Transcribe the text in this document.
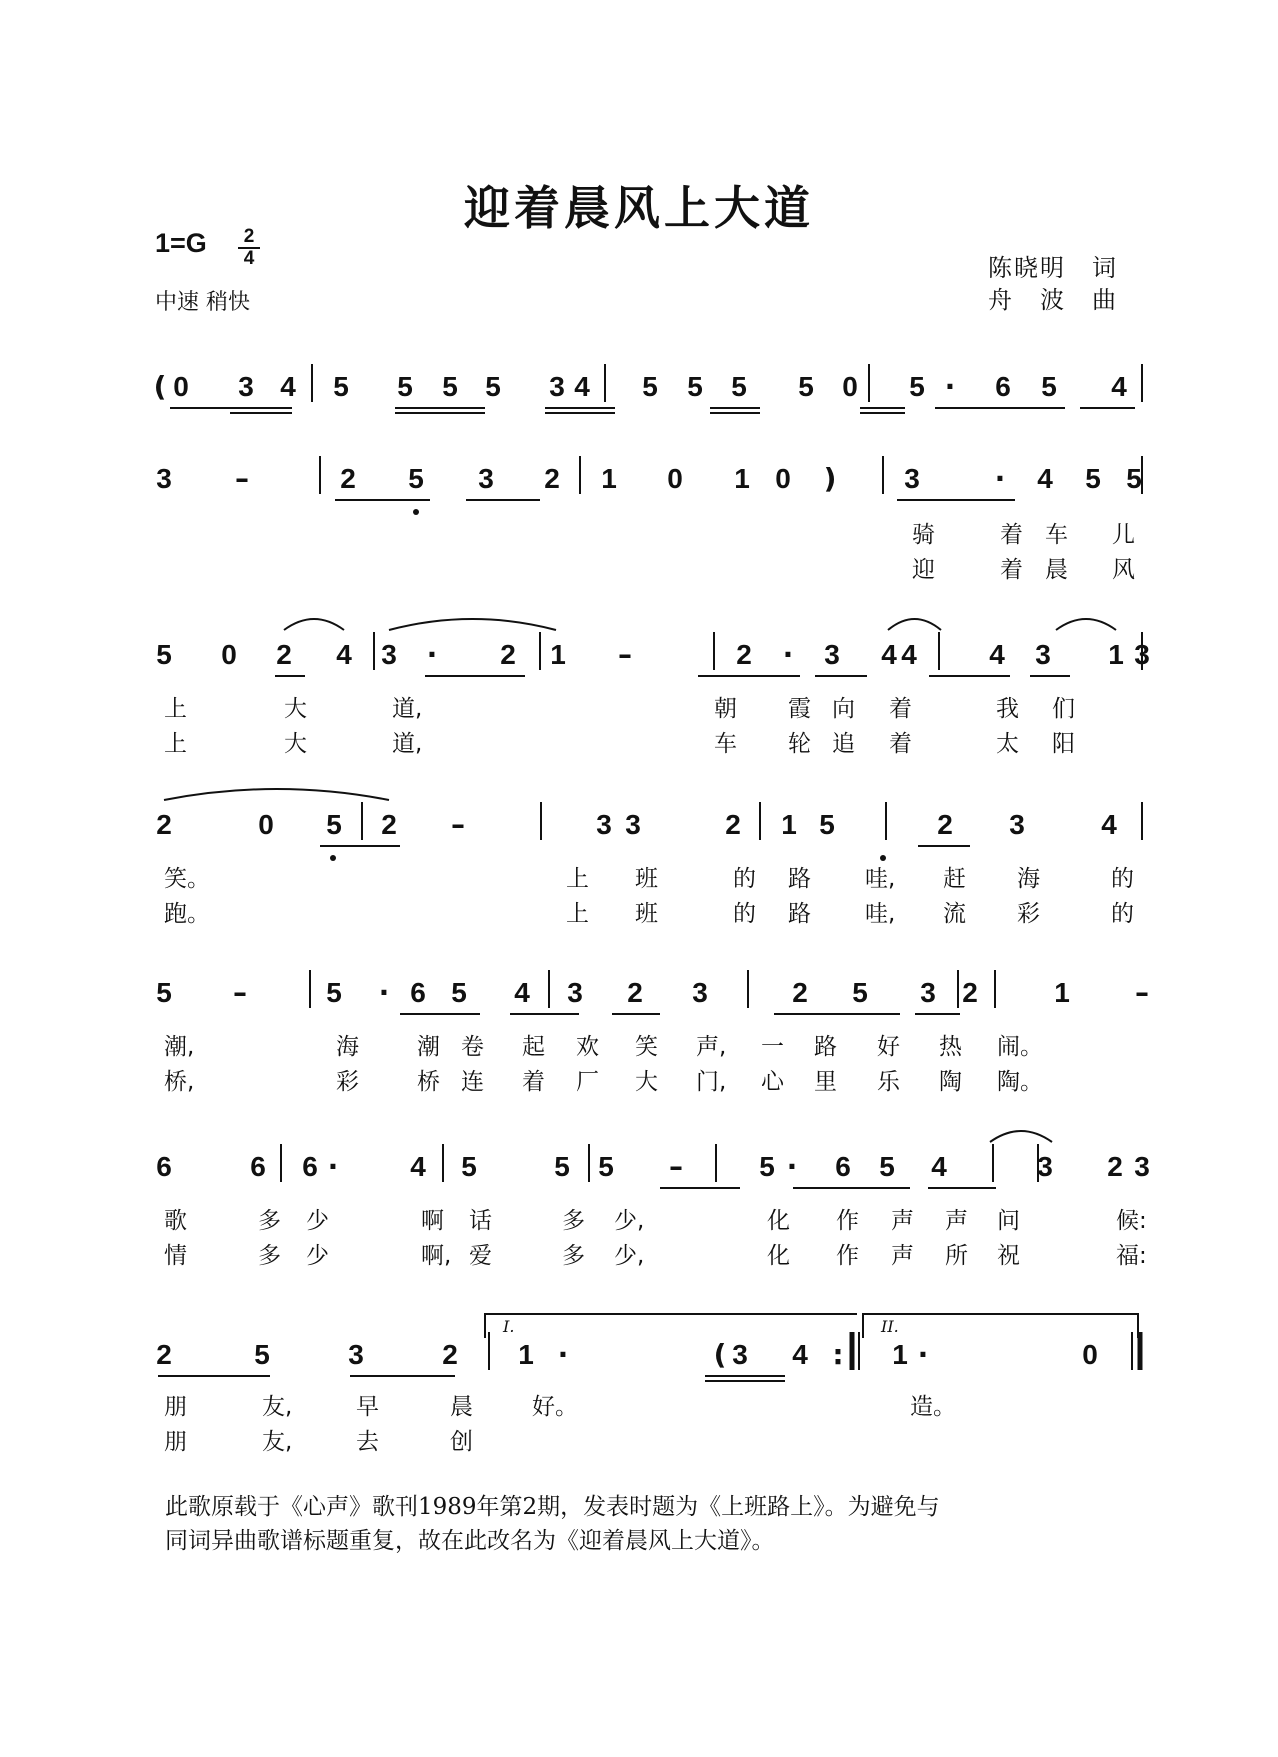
迎着晨风上大道
1=G	2
4
中速 稍快
陈晓明　词
舟　波　曲
( 0 3 4 5 5 5 5 3 4 5 5 5 5 0 5 · 6 5 4
3 –	2 5 3 2 1 0 1 0 ) 3	· 4 5 5
骑	着 车 儿
迎	着 晨 风
5 0 2 4 3 · 2 1 –	2 · 3 4 4	4 3 1 3
上	大	道,	朝 霞 向 着	我 们
上	大	道,	车 轮 追 着	太 阳
2	0 5 2 –	3 3	2 1 5	2 3	4
笑。	上 班	的 路 哇, 赶 海	的
跑。	上 班	的 路 哇, 流 彩	的
5 –	5 · 6 5 4 3 2 3	2 5 3 2	1 –
潮,	海	潮 卷 起 欢 笑 声, 一 路 好 热 闹。
桥,	彩	桥 连 着 厂 大 门, 心 里 乐 陶 陶。
6	6 6 ·	4 5	5 5 –	5 · 6 5 4	3 2 3
歌	多 少	啊 话	多 少,	化 作 声 声 问	候:
情	多 少	啊, 爱	多 少,	化 作 声 所 祝	福:
2	5	3	2 1 ·	( 3 4 : 1 ·	0
朋	友,	早	晨	好。	造。
朋	友,	去	创
I.	II.

此歌原载于《心声》歌刊1989年第2期，发表时题为《上班路上》。为避免与

同词异曲歌谱标题重复，故在此改名为《迎着晨风上大道》。
